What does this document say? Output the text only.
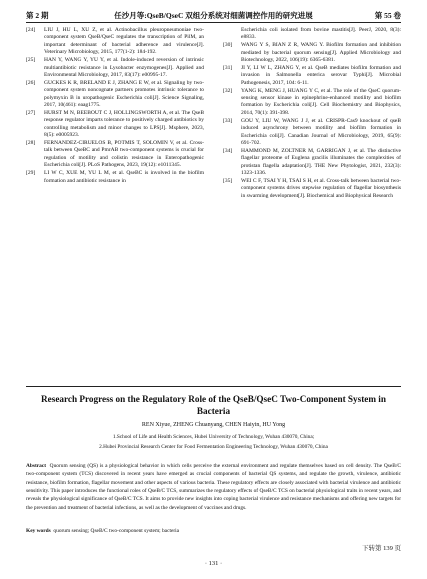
第 2 期	任沙月等:QseB/QseC 双组分系统对细菌调控作用的研究进展	第 55 卷
[24] LIU J, HU L, XU Z, et al. Actinobacillus pleuropneumoniae two-component system QseB/QseC regulates the transcription of PilM, an important determinant of bacterial adherence and virulence[J]. Veterinary Microbiology, 2015, 177(1-2): 184-192.
[25] HAN Y, WANG Y, YU Y, et al. Indole-induced reversion of intrinsic multiantibiotic resistance in Lysobacter enzymogenes[J]. Applied and Environmental Microbiology, 2017, 83(17): e00995-17.
[26] GUCKES K R, BRELAND E J, ZHANG E W, et al. Signaling by two-component system noncognate partners promotes intrinsic tolerance to polymyxin B in uropathogenic Escherichia coli[J]. Science Signaling, 2017, 10(461): eaag1775.
[27] HURST M N, BEEBOUT C J, HOLLINGSWORTH A, et al. The QseB response regulator imparts tolerance to positively charged antibiotics by controlling metabolism and minor changes to LPS[J]. Msphere, 2023, 8(5): e0005923.
[28] FERNANDEZ-CIRUELOS B, POTMIS T, SOLOMIN V, et al. Cross-talk between QseBC and PmrAB two-component systems is crucial for regulation of motility and colistin resistance in Enteropathogenic Escherichia coli[J]. PLoS Pathogens, 2023, 19(12): e1011345.
[29] LI W C, XUE M, YU L M, et al. QseBC is involved in the biofilm formation and antibiotic resistance in
Escherichia coli isolated from bovine mastitis[J]. PeerJ, 2020, 8(3): e8833.
[30] WANG Y S, BIAN Z R, WANG Y. Biofilm formation and inhibition mediated by bacterial quorum sensing[J]. Applied Microbiology and Biotechnology, 2022, 106(19): 6365-6381.
[31] JI Y, LI W L, ZHANG Y, et al. QseB mediates biofilm formation and invasion in Salmonella enterica serovar Typhi[J]. Microbial Pathogenesis, 2017, 104: 6-11.
[32] YANG K, MENG J, HUANG Y C, et al. The role of the QseC quorum-sensing sensor kinase in epinephrine-enhanced motility and biofilm formation by Escherichia coli[J]. Cell Biochemistry and Biophysics, 2014, 70(1): 391-398.
[33] GOU Y, LIU W, WANG J J, et al. CRISPR-Cas9 knockout of qseB induced asynchrony between motility and biofilm formation in Escherichia coli[J]. Canadian Journal of Microbiology, 2019, 65(9): 691-702.
[34] HAMMOND M, ZOLTNER M, GARRIGAN J, et al. The distinctive flagellar proteome of Euglena gracilis illuminates the complexities of protistan flagella adaptation[J]. THE New Phytologist, 2021, 232(3): 1323-1336.
[35] WEI C F, TSAI Y H, TSAI S H, et al. Cross-talk between bacterial two-component systems drives stepwise regulation of flagellar biosynthesis in swarming development[J]. Biochemical and Biophysical Research
Research Progress on the Regulatory Role of the QseB/QseC Two-Component System in Bacteria
REN Xiyue, ZHENG Chuanyang, CHEN Haiyin, HU Yong
1.School of Life and Health Sciences, Hubei University of Technology, Wuhan 430070, China;
2.Hubei Provincial Research Center for Food Fermentation Engineering Technology, Wuhan 430070, China
Abstract Quorum sensing (QS) is a physiological behavior in which cells perceive the external environment and regulate themselves based on cell density. The QseB/C two-component system (TCS) discovered in recent years have emerged as crucial components of bacterial QS systems, and regulate the growth, virulence, antibiotic resistance, biofilm formation, flagellar movement and other aspects of various bacteria. These regulatory effects are closely associated with bacterial virulence and antibiotic sensitivity. This paper introduces the functional roles of QseB/C TCS, summarizes the regulatory effects of QseB/C TCS on bacterial physiological traits in recent years, and reveals the physiological significance of QseB/C TCS. It aims to provide new insights into coping bacterial virulence and resistance mechanisms and offering new targets for the prevention and treatment of bacterial infections, as well as the development of vaccines and drugs.
Key words quorum sensing; QseB/C two-component system; bacteria
下转第 139 页
· 131 ·
